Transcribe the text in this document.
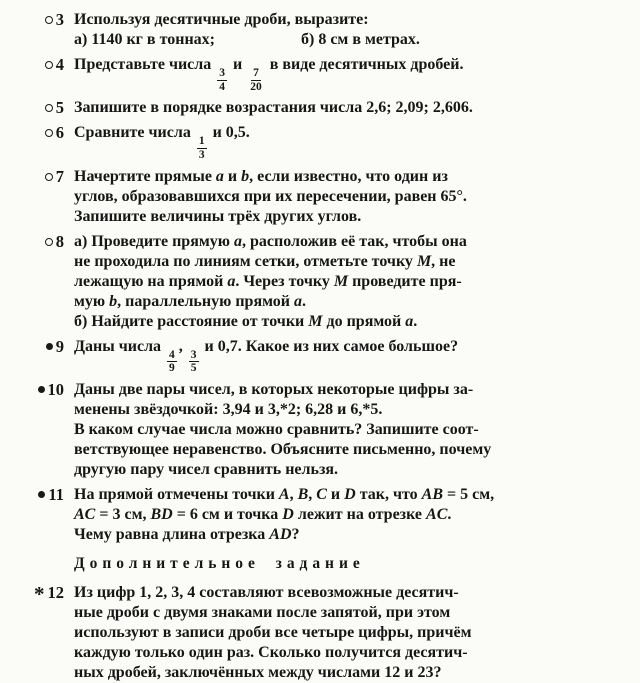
3 Используя десятичные дроби, выразите:
а) 1140 кг в тоннах;	б) 8 см в метрах.
4 Представьте числа
$\frac{3}{4}$
и
$\frac{7}{20}$
в виде десятичных дробей.
5 Запишите в порядке возрастания числа 2,6; 2,09; 2,606.
6 Сравните числа
$\frac{1}{3}$
и 0,5.
7 Начертите прямые a и b, если известно, что один из
углов, образовавшихся при их пересечении, равен 65°.
Запишите величины трёх других углов.
8 а) Проведите прямую a, расположив её так, чтобы она
не проходила по линиям сетки, отметьте точку M, не
лежащую на прямой a. Через точку M проведите пря-
мую b, параллельную прямой a.
б) Найдите расстояние от точки M до прямой a.
9 Даны числа
$\frac{4}{9}$
,
$\frac{3}{5}$
и 0,7. Какое из них самое большое?
10 Даны две пары чисел, в которых некоторые цифры за-
менены звёздочкой: 3,94 и 3,*2; 6,28 и 6,*5.
В каком случае числа можно сравнить? Запишите соот-
ветствующее неравенство. Объясните письменно, почему
другую пару чисел сравнить нельзя.
11 На прямой отмечены точки A, B, C и D так, что AB = 5 см,
AC = 3 см, BD = 6 см и точка D лежит на отрезке AC.
Чему равна длина отрезка AD?
Дополнительное задание
* 12 Из цифр 1, 2, 3, 4 составляют всевозможные десятич-
ные дроби с двумя знаками после запятой, при этом
используют в записи дроби все четыре цифры, причём
каждую только один раз. Сколько получится десятич-
ных дробей, заключённых между числами 12 и 23?
